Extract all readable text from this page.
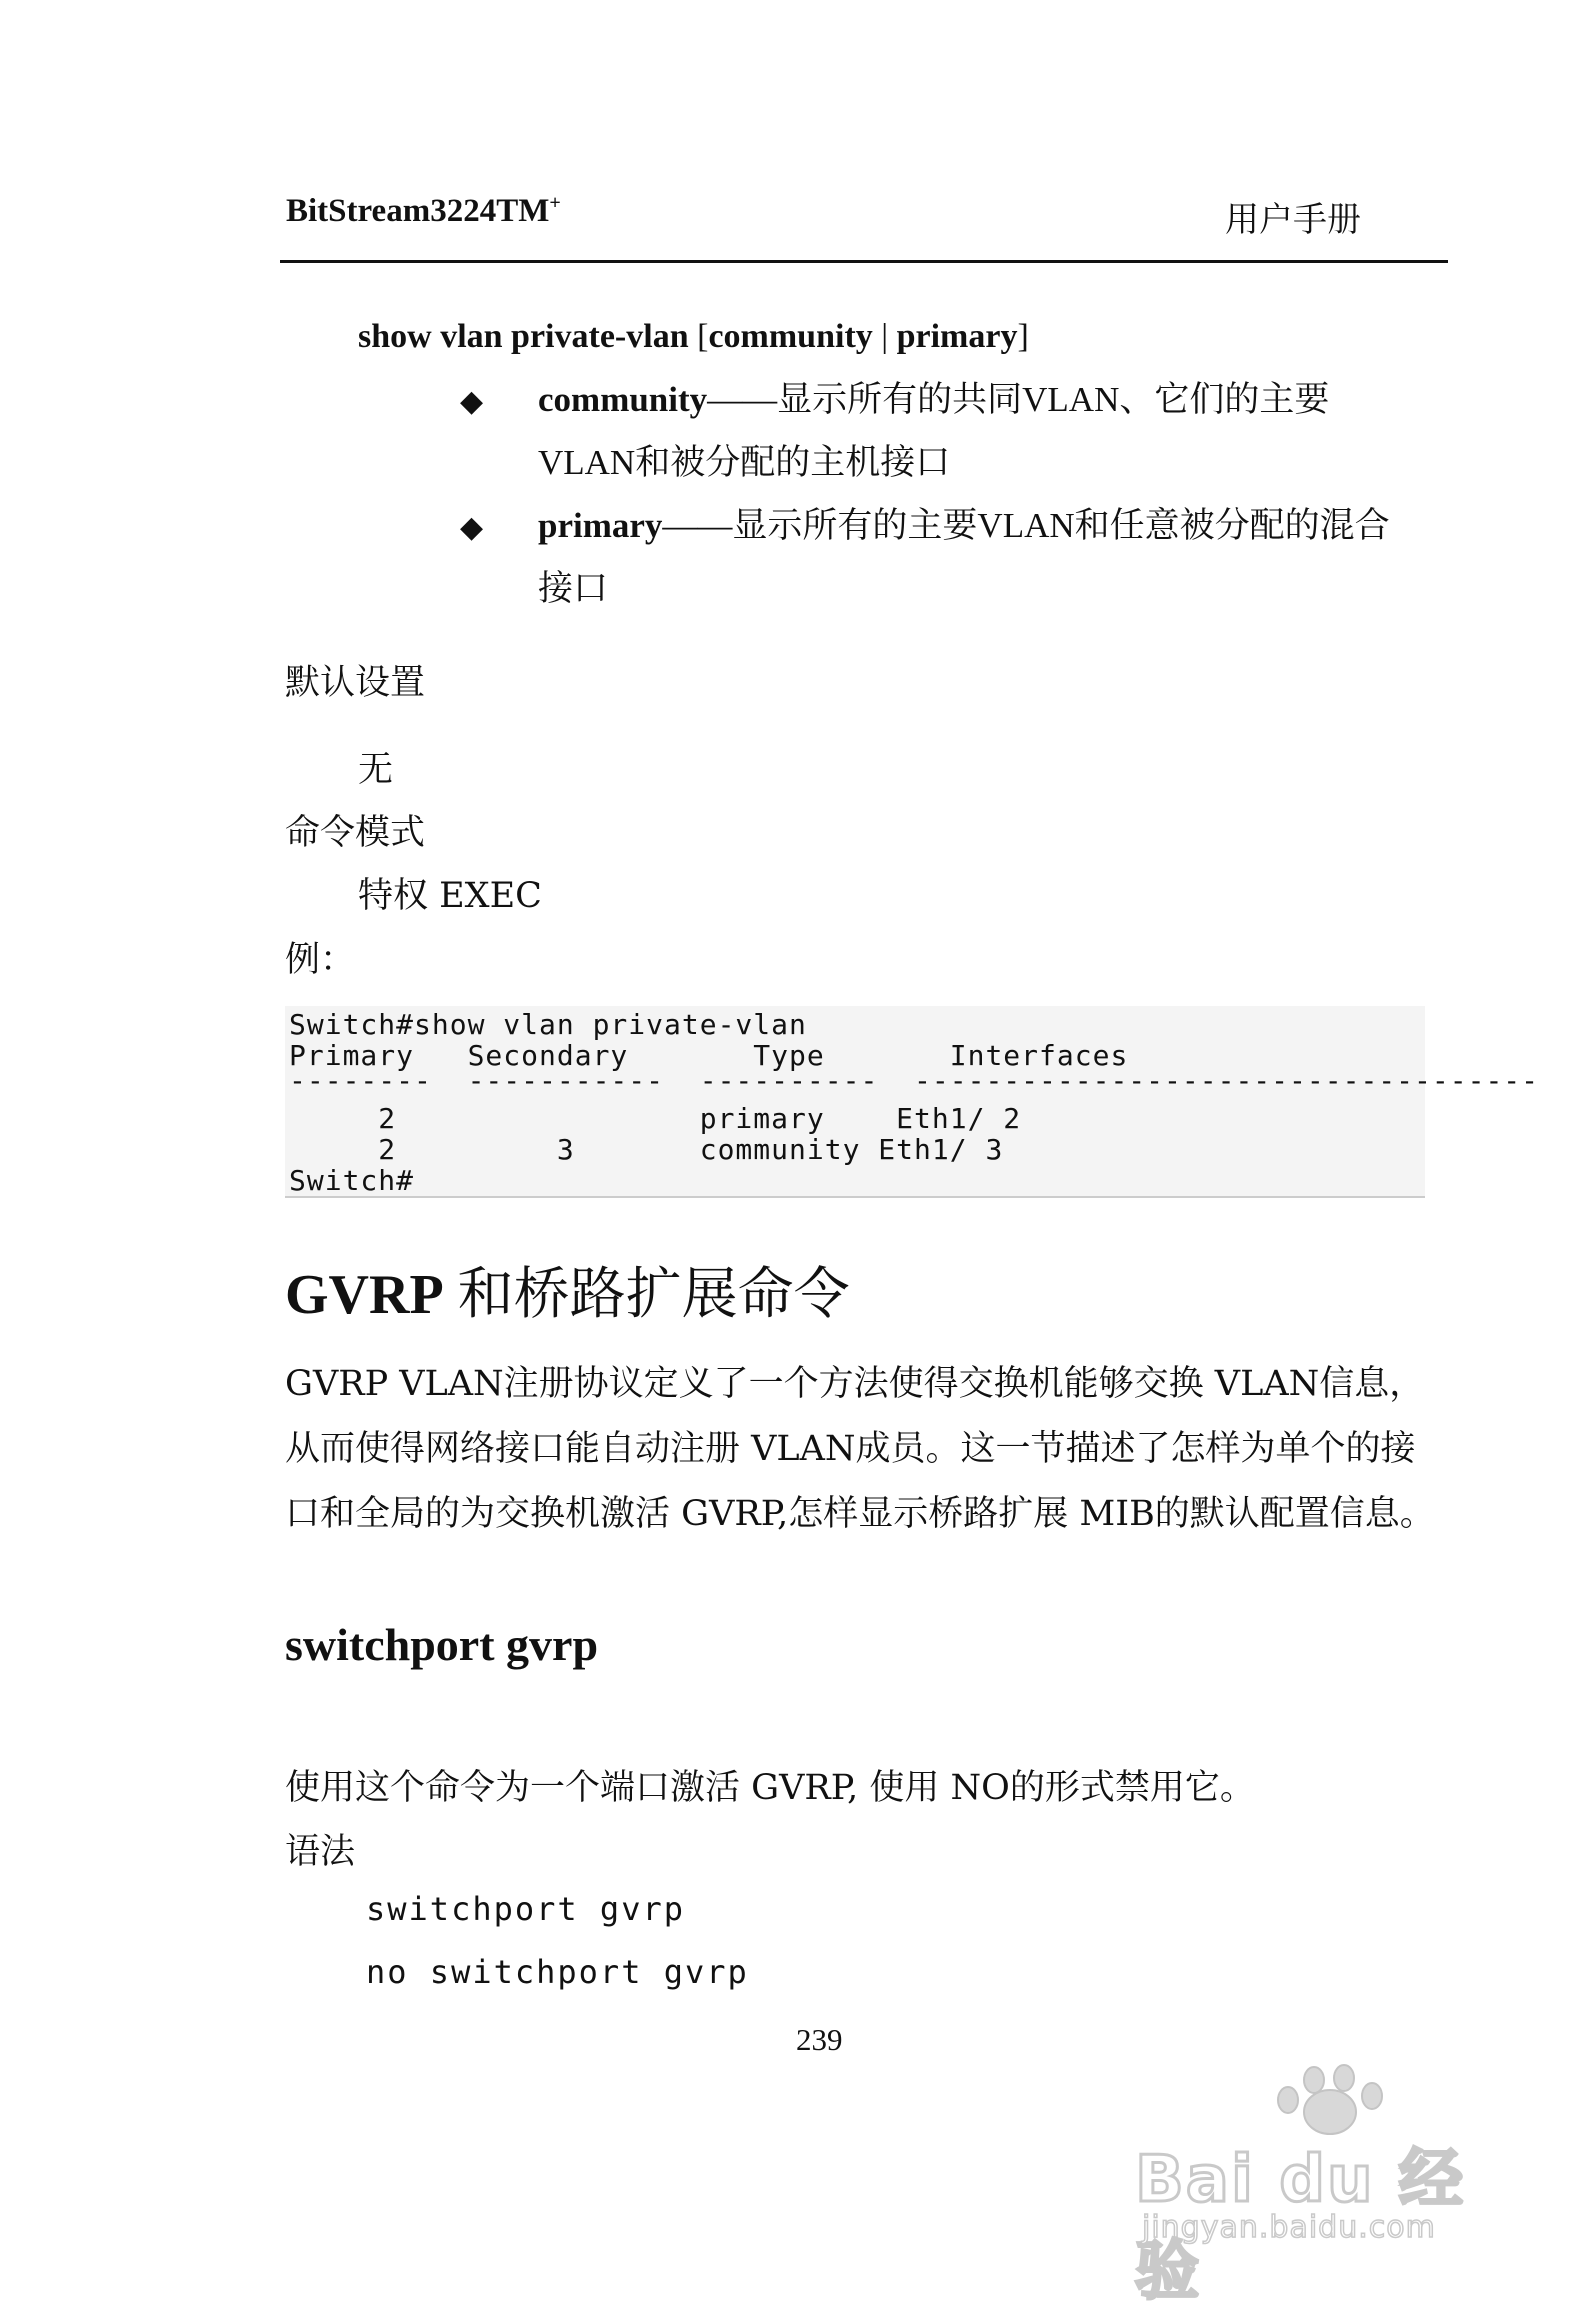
BitStream3224TM+	用户手册
show vlan private-vlan [community | primary]
◆ community——显示所有的共同VLAN、它们的主要VLAN和被分配的主机接口
◆ primary——显示所有的主要VLAN和任意被分配的混合接口
默认设置
无
命令模式
特权 EXEC
例：
Switch#show vlan private-vlan
Primary   Secondary       Type       Interfaces
--------  -----------  ----------  -----------------------------------
2                 primary    Eth1/ 2
2         3       community Eth1/ 3
Switch#
GVRP 和桥路扩展命令
GVRP VLAN注册协议定义了一个方法使得交换机能够交换 VLAN信息，从而使得网络接口能自动注册 VLAN成员。这一节描述了怎样为单个的接口和全局的为交换机激活 GVRP,怎样显示桥路扩展 MIB的默认配置信息。
switchport gvrp
使用这个命令为一个端口激活 GVRP, 使用 NO的形式禁用它。
语法
switchport gvrp
no switchport gvrp
239
Bai du 经验
jingyan.baidu.com
